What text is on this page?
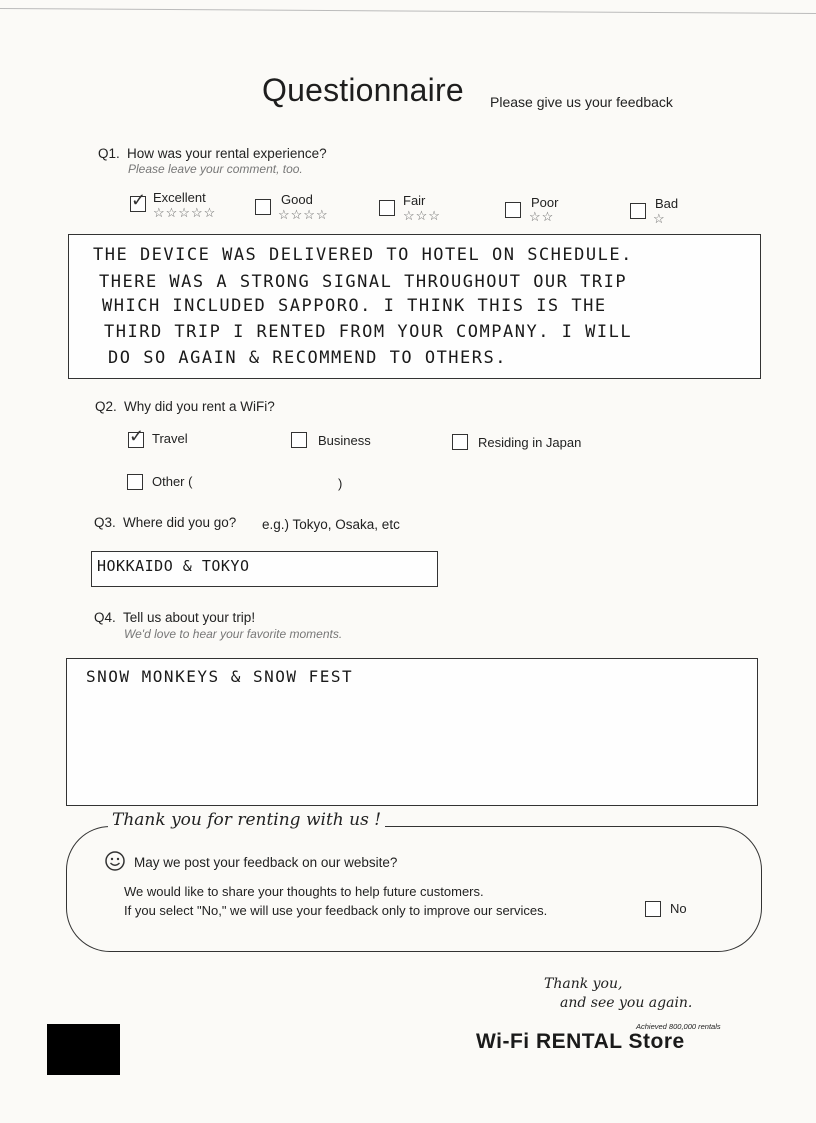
Questionnaire Please give us your feedback
Q1. How was your rental experience?
Please leave your comment, too.
✓ Excellent
☆☆☆☆☆
Good
☆☆☆☆
Fair
☆☆☆
Poor
☆☆
Bad
☆
THE DEVICE WAS DELIVERED TO HOTEL ON SCHEDULE.
THERE WAS A STRONG SIGNAL THROUGHOUT OUR TRIP
WHICH INCLUDED SAPPORO. I THINK THIS IS THE
THIRD TRIP I RENTED FROM YOUR COMPANY. I WILL
DO SO AGAIN & RECOMMEND TO OTHERS.
Q2. Why did you rent a WiFi?
✓ Travel	Business	Residing in Japan
Other (	)
Q3. Where did you go? e.g.) Tokyo, Osaka, etc
HOKKAIDO & TOKYO
Q4. Tell us about your trip!
We'd love to hear your favorite moments.
SNOW MONKEYS & SNOW FEST
Thank you for renting with us !
May we post your feedback on our website?
We would like to share your thoughts to help future customers.
If you select "No," we will use your feedback only to improve our services.	No
Thank you,
and see you again.
Achieved 800,000 rentals
Wi-Fi RENTAL Store
